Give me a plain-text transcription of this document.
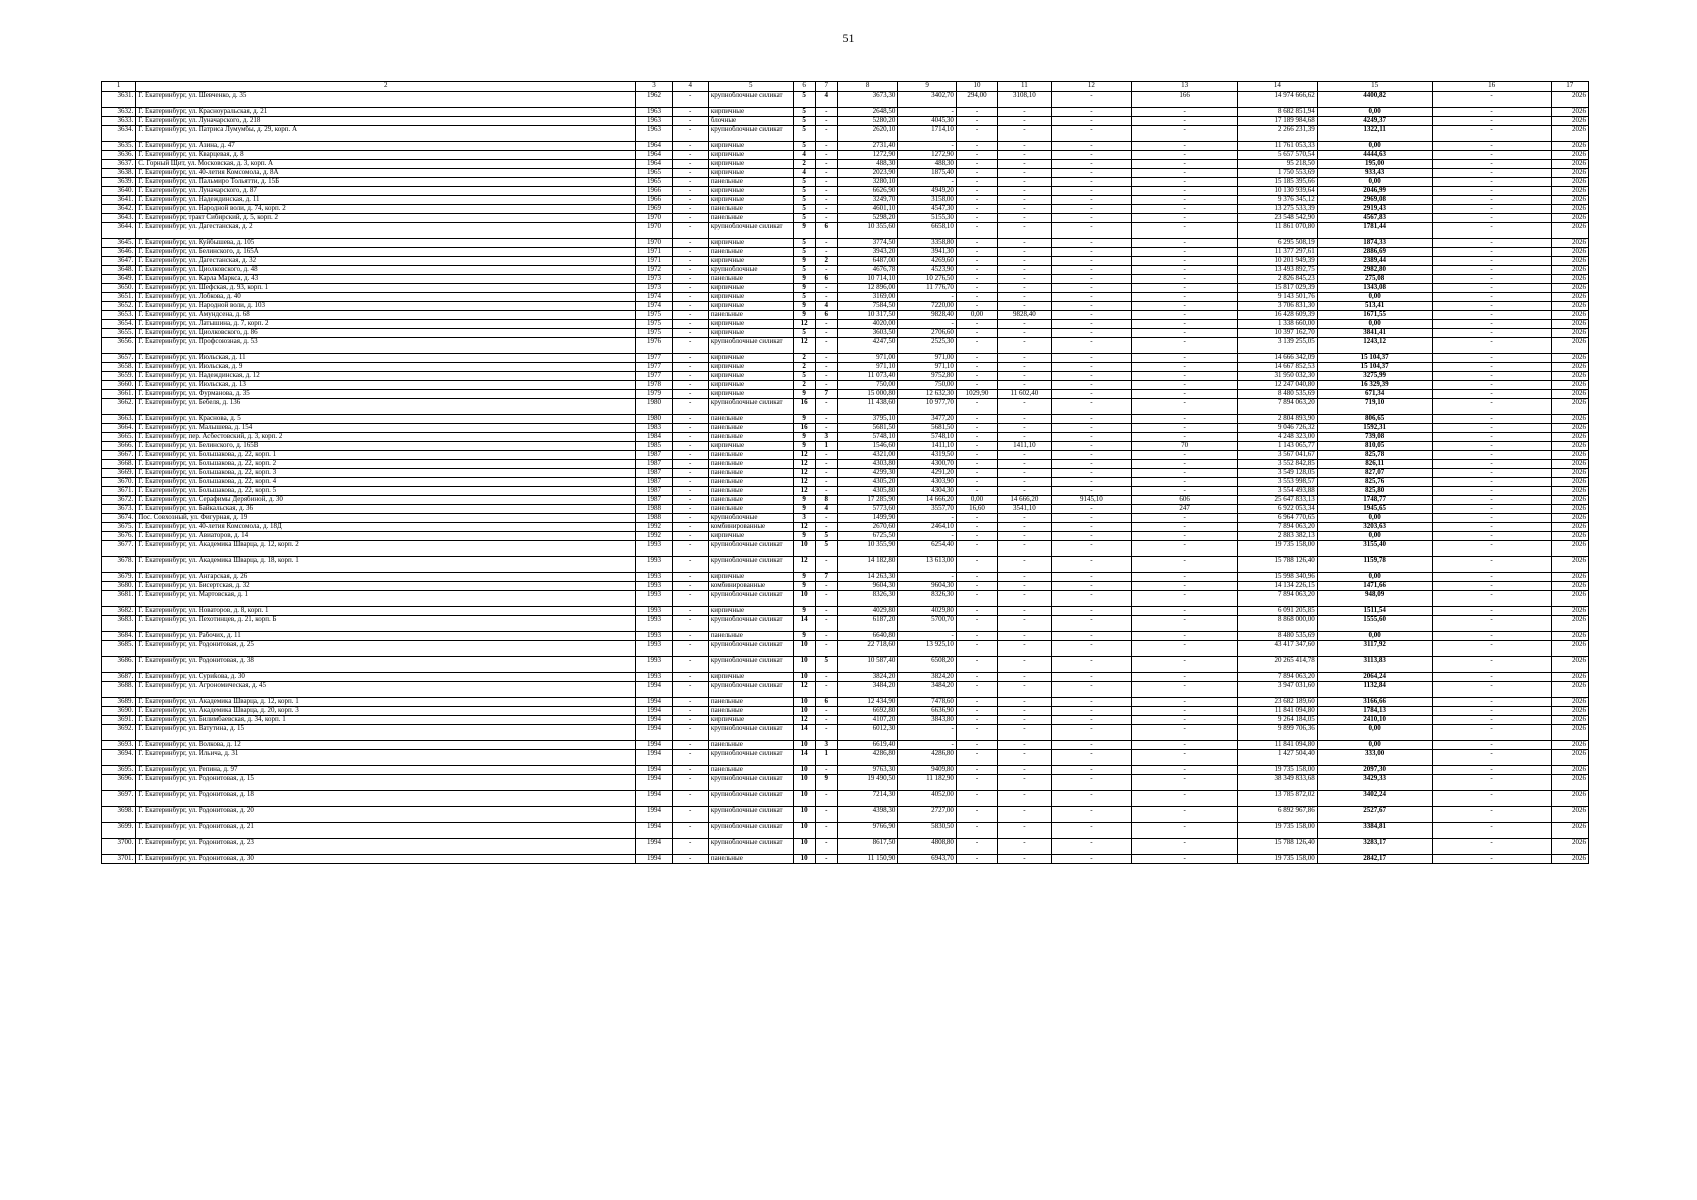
51
1	2	3	4	5	6	7	8	9	10	11	12	13	14	15	16	17
3631.	Г. Екатеринбург, ул. Шевченко, д. 35	1962	-	крупноблочные силикат	5	4	3673,30	3402,70	294,00	3108,10	-	166	14 974 666,62	4400,82	-	2026
3632.	Г. Екатеринбург, ул. Красноуральская, д. 21	1963	-	кирпичные	5	-	2648,50	-	-	-	-	-	8 682 851,94	0,00	-	2026
3633.	Г. Екатеринбург, ул. Луначарского, д. 218	1963	-	блочные	5	-	5280,20	4045,30	-	-	-	-	17 189 984,68	4249,37	-	2026
3634.	Г. Екатеринбург, ул. Патриса Лумумбы, д. 29, корп. А	1963	-	крупноблочные силикат	5	-	2620,10	1714,10	-	-	-	-	2 266 231,39	1322,11	-	2026
3635.	Г. Екатеринбург, ул. Азина, д. 47	1964	-	кирпичные	5	-	2731,40	-	-	-	-	-	11 761 053,33	0,00	-	2026
3636.	Г. Екатеринбург, ул. Кварцевая, д. 8	1964	-	кирпичные	4	-	1272,90	1272,90	-	-	-	-	5 657 570,54	4444,63	-	2026
3637.	С. Горный Щит, ул. Московская, д. 3, корп. А	1964	-	кирпичные	2	-	488,30	488,30	-	-	-	-	95 218,50	195,00	-	2026
3638.	Г. Екатеринбург, ул. 40-летия Комсомола, д. 8А	1965	-	кирпичные	4	-	2023,90	1875,40	-	-	-	-	1 750 553,69	933,43	-	2026
3639.	Г. Екатеринбург, ул. Пальмиро Тольятти, д. 15Б	1965	-	панельные	5	-	3280,10	-	-	-	-	-	15 185 395,66	0,00	-	2026
3640.	Г. Екатеринбург, ул. Луначарского, д. 87	1966	-	кирпичные	5	-	6626,90	4949,20	-	-	-	-	10 130 939,64	2046,99	-	2026
3641.	Г. Екатеринбург, ул. Надеждинская, д. 11	1966	-	кирпичные	5	-	3249,70	3158,00	-	-	-	-	9 376 345,12	2969,08	-	2026
3642.	Г. Екатеринбург, ул. Народной воли, д. 74, корп. 2	1969	-	панельные	5	-	4601,10	4547,30	-	-	-	-	13 275 533,39	2919,43	-	2026
3643.	Г. Екатеринбург, тракт Сибирский, д. 5, корп. 2	1970	-	панельные	5	-	5298,20	5155,30	-	-	-	-	23 548 542,90	4567,83	-	2026
3644.	Г. Екатеринбург, ул. Дагестанская, д. 2	1970	-	крупноблочные силикат	9	6	10 355,60	6658,10	-	-	-	-	11 861 070,80	1781,44	-	2026
3645.	Г. Екатеринбург, ул. Куйбышева, д. 105	1970	-	кирпичные	5	-	3774,50	3358,80	-	-	-	-	6 295 508,19	1874,33	-	2026
3646.	Г. Екатеринбург, ул. Белинского, д. 165А	1971	-	панельные	5	-	3943,20	3941,30	-	-	-	-	11 377 297,61	2886,69	-	2026
3647.	Г. Екатеринбург, ул. Дагестанская, д. 32	1971	-	кирпичные	9	2	6487,00	4269,60	-	-	-	-	10 201 949,39	2389,44	-	2026
3648.	Г. Екатеринбург, ул. Циолковского, д. 48	1972	-	крупноблочные	5	-	4676,78	4523,90	-	-	-	-	13 493 892,75	2982,80	-	2026
3649.	Г. Екатеринбург, ул. Карла Маркса, д. 43	1973	-	панельные	9	6	10 714,10	10 276,50	-	-	-	-	2 826 845,23	275,08	-	2026
3650.	Г. Екатеринбург, ул. Шефская, д. 93, корп. 1	1973	-	кирпичные	9	-	12 896,00	11 776,70	-	-	-	-	15 817 029,39	1343,08	-	2026
3651.	Г. Екатеринбург, ул. Лобкова, д. 40	1974	-	кирпичные	5	-	3169,00	-	-	-	-	-	9 143 501,76	0,00	-	2026
3652.	Г. Екатеринбург, ул. Народной воли, д. 103	1974	-	кирпичные	9	4	7584,50	7220,00	-	-	-	-	3 706 831,30	513,41	-	2026
3653.	Г. Екатеринбург, ул. Амундсена, д. 68	1975	-	панельные	9	6	10 317,50	9828,40	0,00	9828,40	-	-	16 428 609,39	1671,55	-	2026
3654.	Г. Екатеринбург, ул. Латышина, д. 7, корп. 2	1975	-	кирпичные	12	-	4020,00	-	-	-	-	-	1 338 660,00	0,00	-	2026
3655.	Г. Екатеринбург, ул. Циолковского, д. 86	1975	-	кирпичные	5	-	3603,50	2706,60	-	-	-	-	10 397 162,70	3841,41	-	2026
3656.	Г. Екатеринбург, ул. Профсоюзная, д. 53	1976	-	крупноблочные силикат	12	-	4247,50	2525,30	-	-	-	-	3 139 255,05	1243,12	-	2026
3657.	Г. Екатеринбург, ул. Июльская, д. 11	1977	-	кирпичные	2	-	971,00	971,00	-	-	-	-	14 666 342,09	15 104,37	-	2026
3658.	Г. Екатеринбург, ул. Июльская, д. 9	1977	-	кирпичные	2	-	971,10	971,10	-	-	-	-	14 667 852,53	15 104,37	-	2026
3659.	Г. Екатеринбург, ул. Надеждинская, д. 12	1977	-	кирпичные	5	-	11 073,40	9752,80	-	-	-	-	31 950 032,30	3275,99	-	2026
3660.	Г. Екатеринбург, ул. Июльская, д. 13	1978	-	кирпичные	2	-	750,00	750,00	-	-	-	-	12 247 040,80	16 329,39	-	2026
3661.	Г. Екатеринбург, ул. Фурманова, д. 35	1979	-	кирпичные	9	7	15 000,80	12 632,30	1029,90	11 602,40	-	-	8 480 535,69	671,34	-	2026
3662.	Г. Екатеринбург, ул. Бебеля, д. 136	1980	-	крупноблочные силикат	16	-	11 438,60	10 977,70	-	-	-	-	7 894 063,20	719,10	-	2026
3663.	Г. Екатеринбург, ул. Краснова, д. 5	1980	-	панельные	9	-	3795,10	3477,20	-	-	-	-	2 804 893,90	806,65	-	2026
3664.	Г. Екатеринбург, ул. Малышева, д. 154	1983	-	панельные	16	-	5681,50	5681,50	-	-	-	-	9 046 726,32	1592,31	-	2026
3665.	Г. Екатеринбург, пер. Асбестовский, д. 3, корп. 2	1984	-	панельные	9	3	5748,10	5748,10	-	-	-	-	4 248 323,00	739,08	-	2026
3666.	Г. Екатеринбург, ул. Белинского, д. 165В	1985	-	кирпичные	9	1	1546,60	1411,10	-	1411,10	-	70	1 143 065,77	810,05	-	2026
3667.	Г. Екатеринбург, ул. Большакова, д. 22, корп. 1	1987	-	панельные	12	-	4321,00	4319,50	-	-	-	-	3 567 041,67	825,78	-	2026
3668.	Г. Екатеринбург, ул. Большакова, д. 22, корп. 2	1987	-	панельные	12	-	4303,80	4300,70	-	-	-	-	3 552 842,85	826,11	-	2026
3669.	Г. Екатеринбург, ул. Большакова, д. 22, корп. 3	1987	-	панельные	12	-	4299,30	4291,20	-	-	-	-	3 549 128,05	827,07	-	2026
3670.	Г. Екатеринбург, ул. Большакова, д. 22, корп. 4	1987	-	панельные	12	-	4305,20	4303,90	-	-	-	-	3 553 998,57	825,76	-	2026
3671.	Г. Екатеринбург, ул. Большакова, д. 22, корп. 5	1987	-	панельные	12	-	4305,80	4304,30	-	-	-	-	3 554 493,88	825,80	-	2026
3672.	Г. Екатеринбург, ул. Серафимы Дерябиной, д. 30	1987	-	панельные	9	8	17 285,90	14 666,20	0,00	14 666,20	9145,10	606	25 647 833,13	1748,77	-	2026
3673.	Г. Екатеринбург, ул. Байкальская, д. 36	1988	-	панельные	9	4	5773,60	3557,70	16,60	3541,10	-	247	6 922 053,34	1945,65	-	2026
3674.	Пос. Совхозный, ул. Фигурная, д. 19	1988	-	крупноблочные	3	-	1499,90	-	-	-	-	-	6 964 770,65	0,00	-	2026
3675.	Г. Екатеринбург, ул. 40-летия Комсомола, д. 18Д	1992	-	комбинированные	12	-	2670,60	2464,10	-	-	-	-	7 894 063,20	3203,63	-	2026
3676.	Г. Екатеринбург, ул. Авиаторов, д. 14	1992	-	кирпичные	9	5	6725,50	-	-	-	-	-	2 883 382,13	0,00	-	2026
3677.	Г. Екатеринбург, ул. Академика Шварца, д. 12, корп. 2	1993	-	крупноблочные силикат	10	5	10 355,90	6254,40	-	-	-	-	19 735 158,00	3155,40	-	2026
3678.	Г. Екатеринбург, ул. Академика Шварца, д. 18, корп. 1	1993	-	крупноблочные силикат	12	-	14 182,80	13 613,00	-	-	-	-	15 788 126,40	1159,78	-	2026
3679.	Г. Екатеринбург, ул. Ангарская, д. 26	1993	-	кирпичные	9	7	14 263,30	-	-	-	-	-	15 998 340,96	0,00	-	2026
3680.	Г. Екатеринбург, ул. Бисертская, д. 32	1993	-	комбинированные	9	-	9604,30	9604,30	-	-	-	-	14 134 226,15	1471,66	-	2026
3681.	Г. Екатеринбург, ул. Мартовская, д. 1	1993	-	крупноблочные силикат	10	-	8326,30	8326,30	-	-	-	-	7 894 063,20	948,09	-	2026
3682.	Г. Екатеринбург, ул. Новаторов, д. 8, корп. 1	1993	-	кирпичные	9	-	4029,80	4029,80	-	-	-	-	6 091 205,85	1511,54	-	2026
3683.	Г. Екатеринбург, ул. Пехотинцев, д. 21, корп. Б	1993	-	крупноблочные силикат	14	-	6187,20	5700,70	-	-	-	-	8 868 000,00	1555,60	-	2026
3684.	Г. Екатеринбург, ул. Рабочих, д. 11	1993	-	панельные	9	-	6640,80	-	-	-	-	-	8 480 535,69	0,00	-	2026
3685.	Г. Екатеринбург, ул. Родонитовая, д. 25	1993	-	крупноблочные силикат	10	-	22 718,60	13 925,10	-	-	-	-	43 417 347,60	3117,92	-	2026
3686.	Г. Екатеринбург, ул. Родонитовая, д. 38	1993	-	крупноблочные силикат	10	5	10 587,40	6508,20	-	-	-	-	20 265 414,78	3113,83	-	2026
3687.	Г. Екатеринбург, ул. Суриkова, д. 30	1993	-	кирпичные	10	-	3824,20	3824,20	-	-	-	-	7 894 063,20	2064,24	-	2026
3688.	Г. Екатеринбург, ул. Агрономическая, д. 45	1994	-	крупноблочные силикат	12	-	3484,20	3484,20	-	-	-	-	3 947 031,60	1132,84	-	2026
3689.	Г. Екатеринбург, ул. Академика Шварца, д. 12, корп. 1	1994	-	панельные	10	6	12 434,90	7478,60	-	-	-	-	23 682 189,60	3166,66	-	2026
3690.	Г. Екатеринбург, ул. Академика Шварца, д. 20, корп. 3	1994	-	панельные	10	-	6692,80	6636,90	-	-	-	-	11 841 094,80	1784,13	-	2026
3691.	Г. Екатеринбург, ул. Билимбаевская, д. 34, корп. 1	1994	-	кирпичные	12	-	4107,20	3843,80	-	-	-	-	9 264 184,05	2410,10	-	2026
3692.	Г. Екатеринбург, ул. Ватутина, д. 15	1994	-	крупноблочные силикат	14	-	6012,30	-	-	-	-	-	9 899 706,36	0,00	-	2026
3693.	Г. Екатеринбург, ул. Волкова, д. 12	1994	-	панельные	10	3	6619,40	-	-	-	-	-	11 841 094,80	0,00	-	2026
3694.	Г. Екатеринбург, ул. Ильича, д. 31	1994	-	крупноблочные силикат	14	1	4286,80	4286,80	-	-	-	-	1 427 504,40	333,00	-	2026
3695.	Г. Екатеринбург, ул. Репина, д. 97	1994	-	панельные	10	-	9763,30	9409,80	-	-	-	-	19 735 158,00	2097,30	-	2026
3696.	Г. Екатеринбург, ул. Родонитовая, д. 15	1994	-	крупноблочные силикат	10	9	19 490,50	11 182,90	-	-	-	-	38 349 833,68	3429,33	-	2026
3697.	Г. Екатеринбург, ул. Родонитовая, д. 18	1994	-	крупноблочные силикат	10	-	7214,30	4052,00	-	-	-	-	13 785 872,02	3402,24	-	2026
3698.	Г. Екатеринбург, ул. Родонитовая, д. 20	1994	-	крупноблочные силикат	10	-	4398,30	2727,00	-	-	-	-	6 892 967,86	2527,67	-	2026
3699.	Г. Екатеринбург, ул. Родонитовая, д. 21	1994	-	крупноблочные силикат	10	-	9766,90	5830,50	-	-	-	-	19 735 158,00	3384,81	-	2026
3700.	Г. Екатеринбург, ул. Родонитовая, д. 23	1994	-	крупноблочные силикат	10	-	8617,50	4808,80	-	-	-	-	15 788 126,40	3283,17	-	2026
3701.	Г. Екатеринбург, ул. Родонитовая, д. 30	1994	-	панельные	10	-	11 150,90	6943,70	-	-	-	-	19 735 158,00	2842,17	-	2026
